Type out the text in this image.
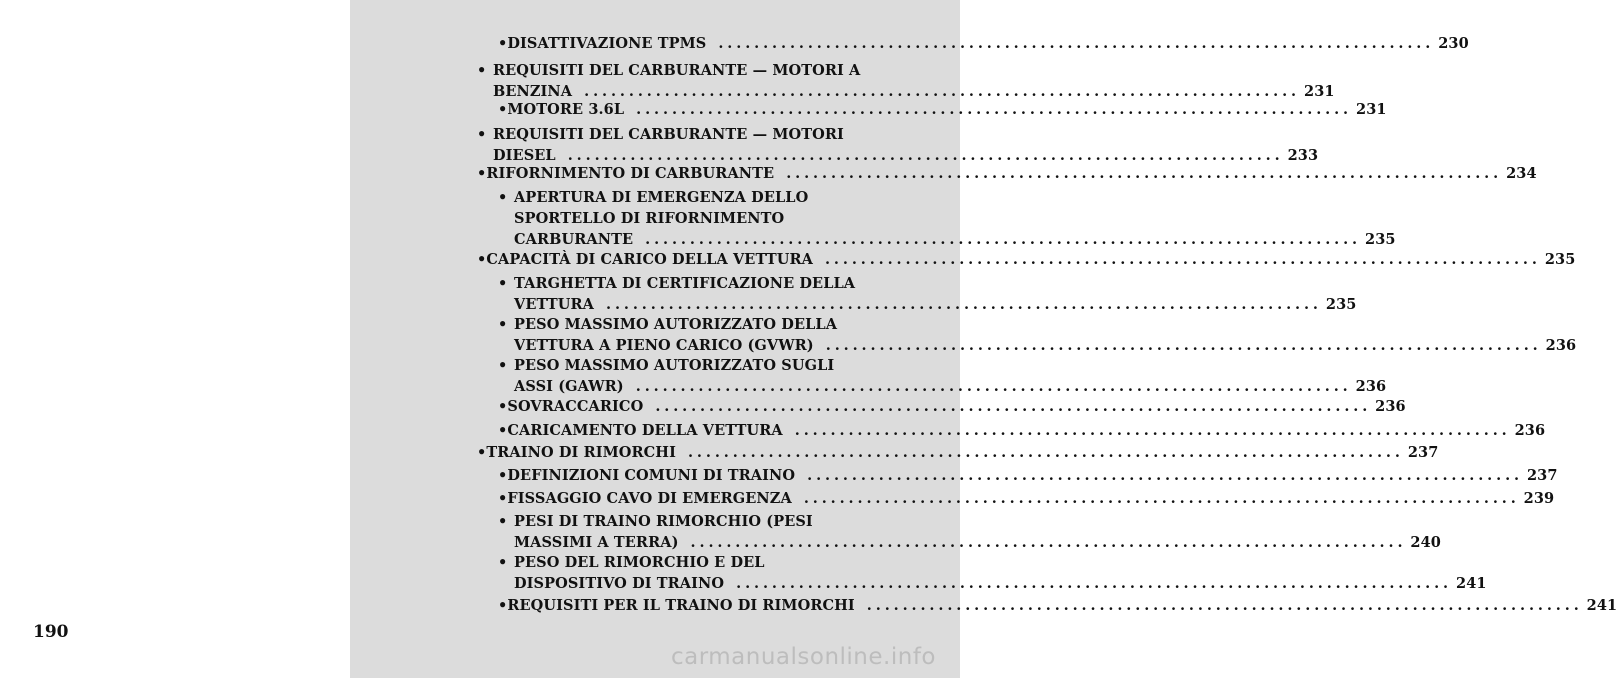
190
• DISATTIVAZIONE TPMS ................................................................................ 230
• REQUISITI DEL CARBURANTE — MOTORI A
BENZINA ................................................................................ 231
• MOTORE 3.6L ................................................................................ 231
• REQUISITI DEL CARBURANTE — MOTORI
DIESEL ................................................................................ 233
• RIFORNIMENTO DI CARBURANTE ................................................................................ 234
• APERTURA DI EMERGENZA DELLO
SPORTELLO DI RIFORNIMENTO
CARBURANTE ................................................................................ 235
• CAPACITÀ DI CARICO DELLA VETTURA ................................................................................ 235
• TARGHETTA DI CERTIFICAZIONE DELLA
VETTURA ................................................................................ 235
• PESO MASSIMO AUTORIZZATO DELLA
VETTURA A PIENO CARICO (GVWR) ................................................................................ 236
• PESO MASSIMO AUTORIZZATO SUGLI
ASSI (GAWR) ................................................................................ 236
• SOVRACCARICO ................................................................................ 236
• CARICAMENTO DELLA VETTURA ................................................................................ 236
• TRAINO DI RIMORCHI ................................................................................ 237
• DEFINIZIONI COMUNI DI TRAINO ................................................................................ 237
• FISSAGGIO CAVO DI EMERGENZA ................................................................................ 239
• PESI DI TRAINO RIMORCHIO (PESI
MASSIMI A TERRA) ................................................................................ 240
• PESO DEL RIMORCHIO E DEL
DISPOSITIVO DI TRAINO ................................................................................ 241
• REQUISITI PER IL TRAINO DI RIMORCHI ................................................................................ 241
carmanualsonline.info
